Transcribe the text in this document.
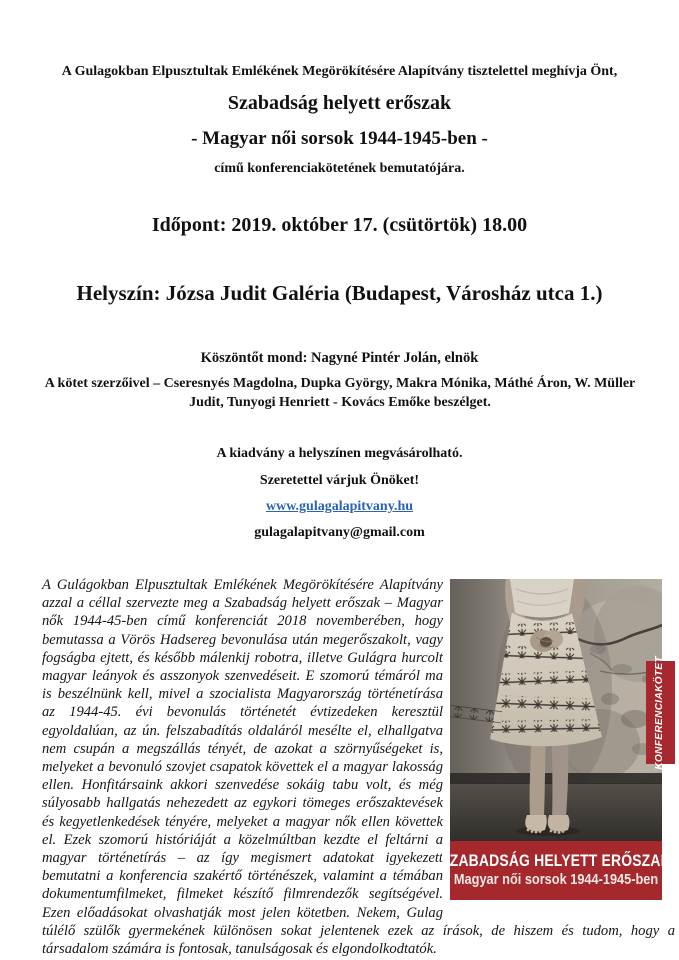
A Gulagokban Elpusztultak Emlékének Megörökítésére Alapítvány tisztelettel meghívja Önt,
Szabadság helyett erőszak
- Magyar női sorsok 1944-1945-ben -
című konferenciakötetének bemutatójára.
Időpont: 2019. október 17. (csütörtök) 18.00
Helyszín: Józsa Judit Galéria (Budapest, Városház utca 1.)
Köszöntőt mond: Nagyné Pintér Jolán, elnök
A kötet szerzőivel – Cseresnyés Magdolna, Dupka György, Makra Mónika, Máthé Áron, W. Müller Judit, Tunyogi Henriett - Kovács Emőke beszélget.
A kiadvány a helyszínen megvásárolható.
Szeretettel várjuk Önöket!
www.gulagalapitvany.hu
gulagalapitvany@gmail.com
SZABADSÁG HELYETT ERŐSZAK
Magyar női sorsok 1944-1945-ben
KONFERENCIAKÖTET

A Gulágokban Elpusztultak Emlékének Megörökítésére Alapítvány azzal a céllal szervezte meg a Szabadság helyett erőszak – Magyar nők 1944-45-ben című konferenciát 2018 novemberében, hogy bemutassa a Vörös Hadsereg bevonulása után megerőszakolt, vagy fogságba ejtett, és később málenkij robotra, illetve Gulágra hurcolt magyar leányok és asszonyok szenvedéseit. E szomorú témáról ma is beszélnünk kell, mivel a szocialista Magyarország történetírása az 1944-45. évi bevonulás történetét évtizedeken keresztül egyoldalúan, az ún. felszabadítás oldaláról mesélte el, elhallgatva nem csupán a megszállás tényét, de azokat a szörnyűségeket is, melyeket a bevonuló szovjet csapatok követtek el a magyar lakosság ellen. Honfitársaink akkori szenvedése sokáig tabu volt, és még súlyosabb hallgatás nehezedett az egykori tömeges erőszaktevések és kegyetlenkedések tényére, melyeket a magyar nők ellen követtek el. Ezek szomorú históriáját a közelmúltban kezdte el feltárni a magyar történetírás – az így megismert adatokat igyekezett bemutatni a konferencia szakértő történészek, valamint a témában dokumentumfilmeket, filmeket készítő filmrendezők segítségével. Ezen előadásokat olvashatják most jelen kötetben. Nekem, Gulag túlélő szülők gyermekének különösen sokat jelentenek ezek az írások, de hiszem és tudom, hogy a társadalom számára is fontosak, tanulságosak és elgondolkodtatók.
